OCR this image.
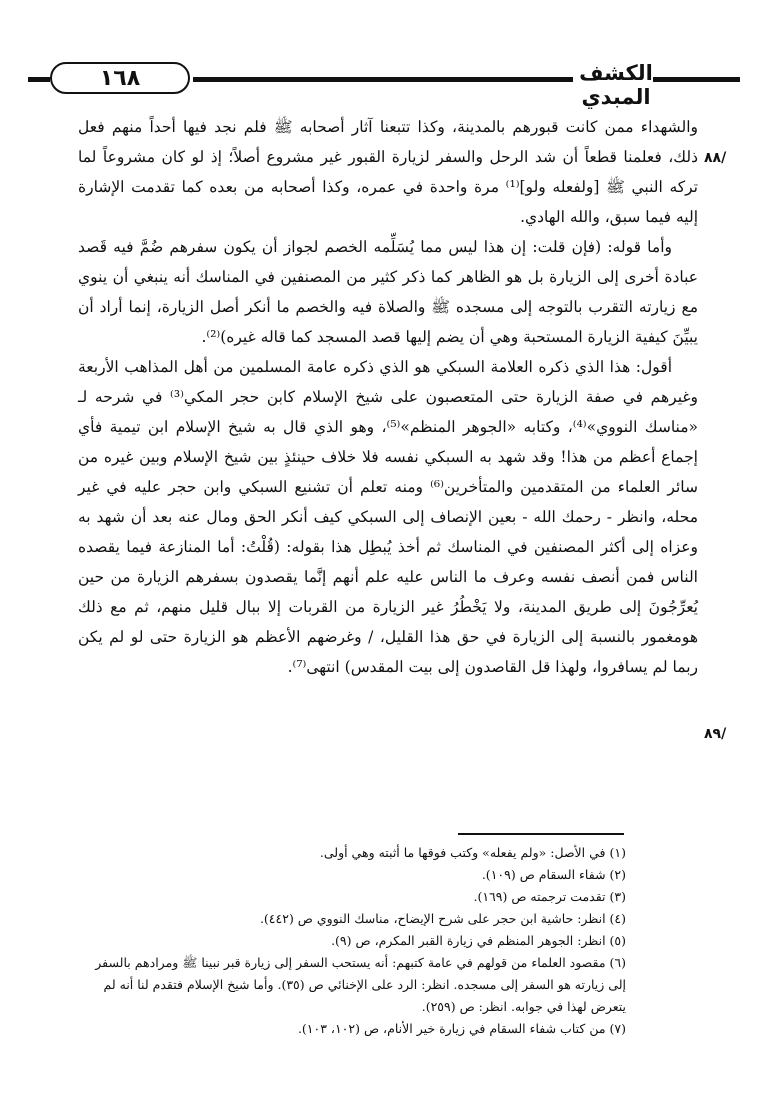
١٦٨	الكشف المبدي
٨٨/
٨٩/

والشهداء ممن كانت قبورهم بالمدينة، وكذا تتبعنا آثار أصحابه ﷺ فلم نجد فيها أحداً منهم فعل ذلك، فعلمنا قطعاً أن شد الرحل والسفر لزيارة القبور غير مشروع أصلاً؛ إذ لو كان مشروعاً لما تركه النبي ﷺ [ولفعله ولو]⁽¹⁾ مرة واحدة في عمره، وكذا أصحابه من بعده كما تقدمت الإشارة إليه فيما سبق، والله الهادي.

وأما قوله: (فإن قلت: إن هذا ليس مما يُسَلِّمه الخصم لجواز أن يكون سفرهم ضُمَّ فيه قَصد عبادة أخرى إلى الزيارة بل هو الظاهر كما ذكر كثير من المصنفين في المناسك أنه ينبغي أن ينوي مع زيارته التقرب بالتوجه إلى مسجده ﷺ والصلاة فيه والخصم ما أنكر أصل الزيارة، إنما أراد أن يبيِّنَ كيفية الزيارة المستحبة وهي أن يضم إليها قصد المسجد كما قاله غيره)⁽²⁾.

أقول: هذا الذي ذكره العلامة السبكي هو الذي ذكره عامة المسلمين من أهل المذاهب الأربعة وغيرهم في صفة الزيارة حتى المتعصبون على شيخ الإسلام كابن حجر المكي⁽³⁾ في شرحه لـ «مناسك النووي»⁽⁴⁾، وكتابه «الجوهر المنظم»⁽⁵⁾، وهو الذي قال به شيخ الإسلام ابن تيمية فأي إجماع أعظم من هذا! وقد شهد به السبكي نفسه فلا خلاف حينئذٍ بين شيخ الإسلام وبين غيره من سائر العلماء من المتقدمين والمتأخرين⁽⁶⁾ ومنه تعلم أن تشنيع السبكي وابن حجر عليه في غير محله، وانظر - رحمك الله - بعين الإنصاف إلى السبكي كيف أنكر الحق ومال عنه بعد أن شهد به وعزاه إلى أكثر المصنفين في المناسك ثم أخذ يُبطِل هذا بقوله: (قُلْتُ: أما المنازعة فيما يقصده الناس فمن أنصف نفسه وعرف ما الناس عليه علم أنهم إنَّما يقصدون بسفرهم الزيارة من حين يُعرِّجُونَ إلى طريق المدينة، ولا يَخْطُرُ غير الزيارة من القربات إلا ببال قليل منهم، ثم مع ذلك هومغمور بالنسبة إلى الزيارة في حق هذا القليل، / وغرضهم الأعظم هو الزيارة حتى لو لم يكن ربما لم يسافروا، ولهذا قل القاصدون إلى بيت المقدس) انتهى⁽⁷⁾.

(١) في الأصل: «ولم يفعله» وكتب فوقها ما أثبته وهي أولى.

(٢) شفاء السقام ص (١٠٩).

(٣) تقدمت ترجمته ص (١٦٩).

(٤) انظر: حاشية ابن حجر على شرح الإيضاح، مناسك النووي ص (٤٤٢).

(٥) انظر: الجوهر المنظم في زيارة القبر المكرم، ص (٩).

(٦) مقصود العلماء من قولهم في عامة كتبهم: أنه يستحب السفر إلى زيارة قبر نبينا ﷺ ومرادهم بالسفر إلى زيارته هو السفر إلى مسجده. انظر: الرد على الإخنائي ص (٣٥). وأما شيخ الإسلام فتقدم لنا أنه لم يتعرض لهذا في جوابه. انظر: ص (٢٥٩).

(٧) من كتاب شفاء السقام في زيارة خير الأنام، ص (١٠٢، ١٠٣).
